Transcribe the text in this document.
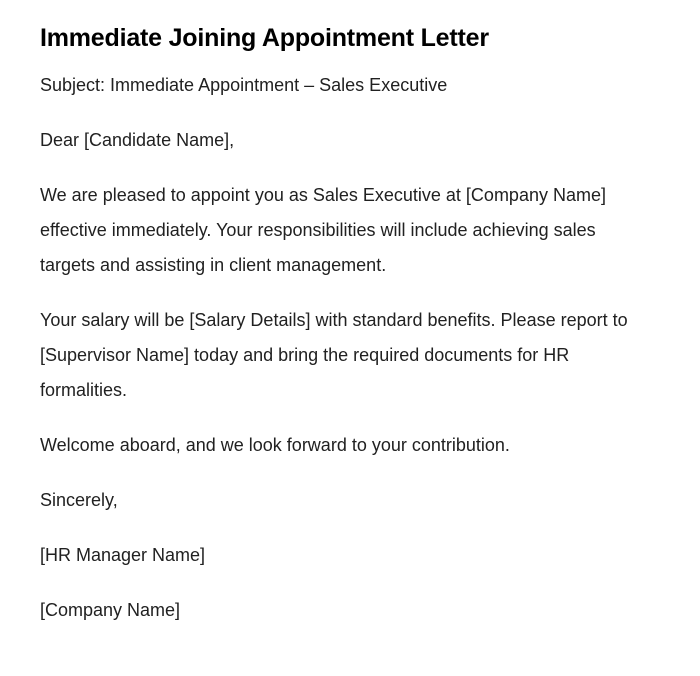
Immediate Joining Appointment Letter

Subject: Immediate Appointment – Sales Executive

Dear [Candidate Name],

We are pleased to appoint you as Sales Executive at [Company Name] effective immediately. Your responsibilities will include achieving sales targets and assisting in client management.

Your salary will be [Salary Details] with standard benefits. Please report to [Supervisor Name] today and bring the required documents for HR formalities.

Welcome aboard, and we look forward to your contribution.

Sincerely,

[HR Manager Name]

[Company Name]
